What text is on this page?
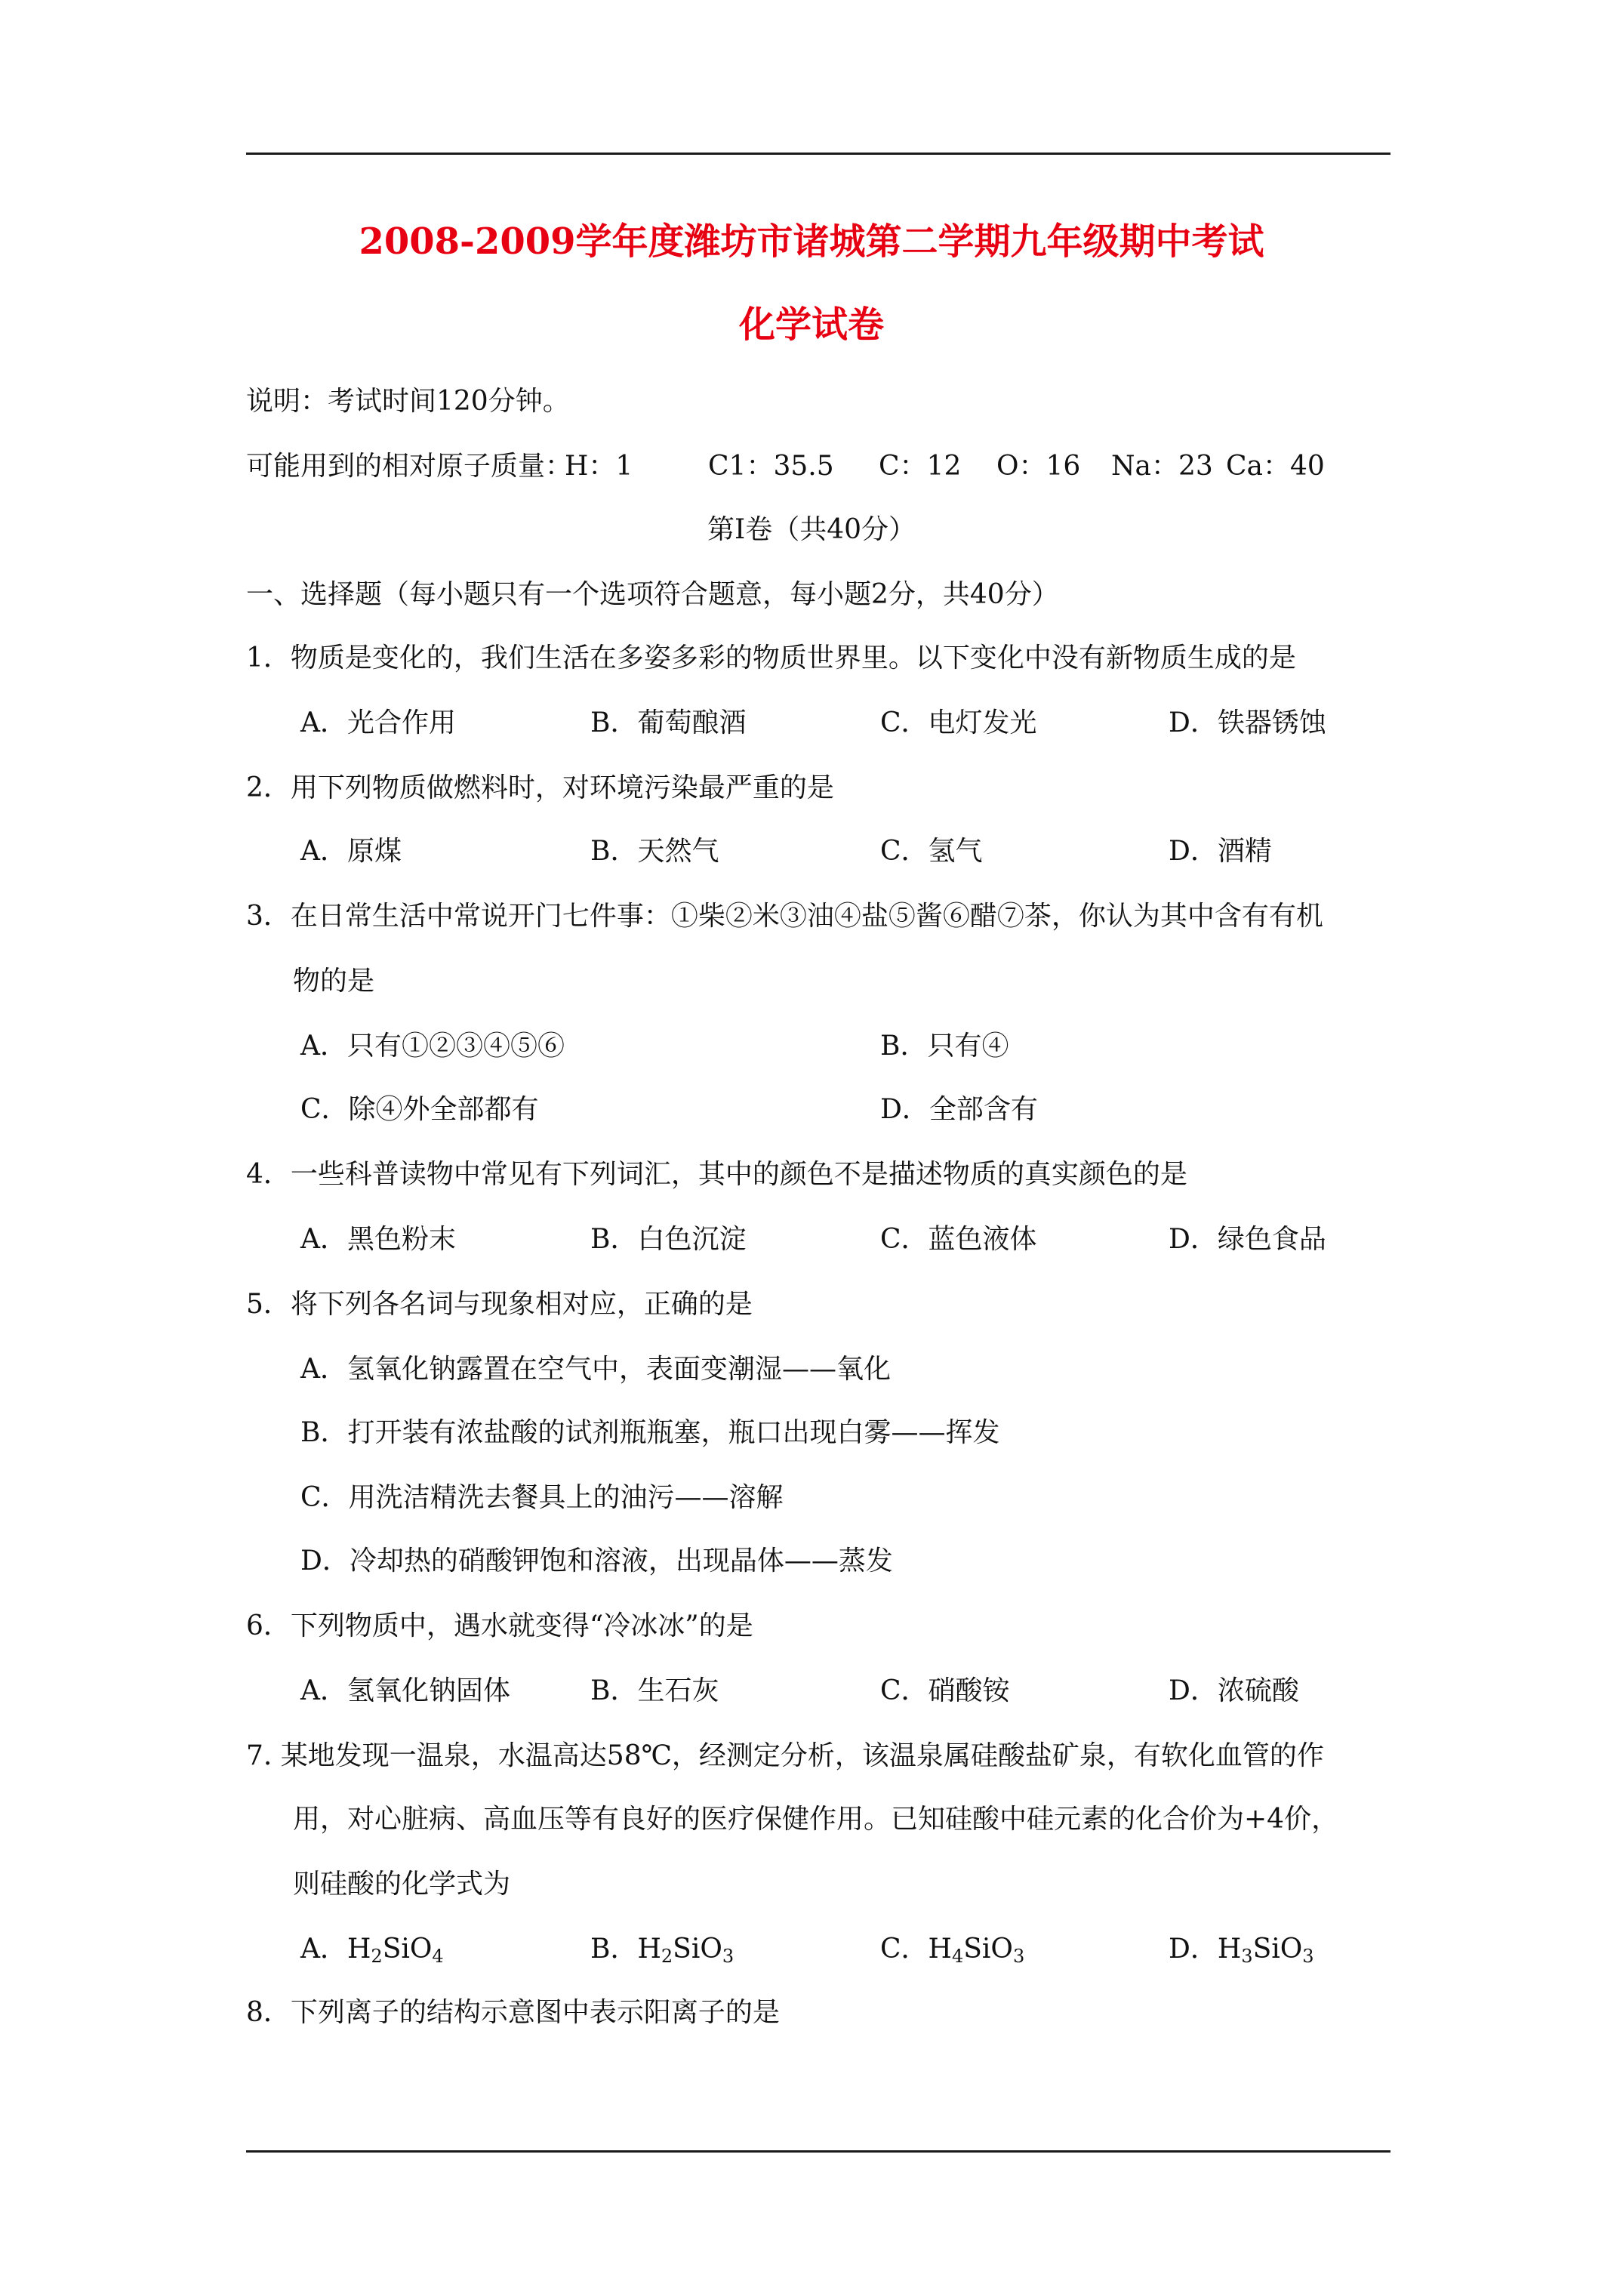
2008-2009学年度潍坊市诸城第二学期九年级期中考试
化学试卷
说明：考试时间120分钟。
可能用到的相对原子质量：
H：1	C1：35.5 C：12 O：16 Na：23 Ca：40
第Ⅰ卷（共40分）
一、选择题（每小题只有一个选项符合题意，每小题2分，共40分）
1．物质是变化的，我们生活在多姿多彩的物质世界里。以下变化中没有新物质生成的是
A．光合作用	B．葡萄酿酒	C．电灯发光	D．铁器锈蚀
2．用下列物质做燃料时，对环境污染最严重的是
A．原煤	B．天然气	C．氢气	D．酒精
3．在日常生活中常说开门七件事：①柴②米③油④盐⑤酱⑥醋⑦茶，你认为其中含有有机
物的是
A．只有①②③④⑤⑥	B．只有④
C．除④外全部都有	D．全部含有
4．一些科普读物中常见有下列词汇，其中的颜色不是描述物质的真实颜色的是
A．黑色粉末	B．白色沉淀	C．蓝色液体	D．绿色食品
5．将下列各名词与现象相对应，正确的是
A．氢氧化钠露置在空气中，表面变潮湿——氧化
B．打开装有浓盐酸的试剂瓶瓶塞，瓶口出现白雾——挥发
C．用洗洁精洗去餐具上的油污——溶解
D．冷却热的硝酸钾饱和溶液，出现晶体——蒸发
6．下列物质中，遇水就变得“冷冰冰”的是
A．氢氧化钠固体	B．生石灰	C．硝酸铵	D．浓硫酸
7. 某地发现一温泉，水温高达58℃，经测定分析，该温泉属硅酸盐矿泉，有软化血管的作
用，对心脏病、高血压等有良好的医疗保健作用。已知硅酸中硅元素的化合价为+4价，
则硅酸的化学式为
A．$H_2SiO_4$	B．$H_2SiO_3$	C．$H_4SiO_3$	D．$H_3SiO_3$
8．下列离子的结构示意图中表示阳离子的是
